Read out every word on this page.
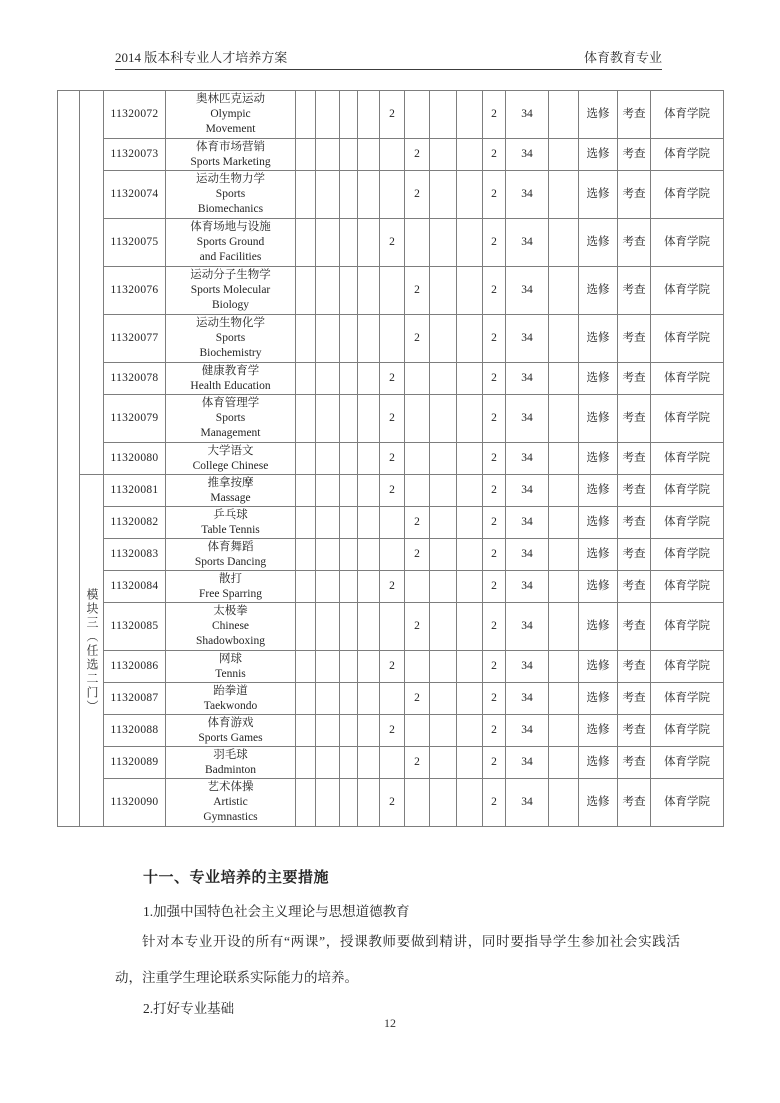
2014 版本科专业人才培养方案	体育教育专业
		11320072	奥林匹克运动
Olympic
Movement					2				2	34		选修	考查	体育学院
		11320073	体育市场营销
Sports Marketing						2			2	34		选修	考查	体育学院
		11320074	运动生物力学
Sports
Biomechanics						2			2	34		选修	考查	体育学院
		11320075	体育场地与设施
Sports Ground
and Facilities					2				2	34		选修	考查	体育学院
		11320076	运动分子生物学
Sports Molecular
Biology						2			2	34		选修	考查	体育学院
		11320077	运动生物化学
Sports
Biochemistry						2			2	34		选修	考查	体育学院
		11320078	健康教育学
Health Education					2				2	34		选修	考查	体育学院
		11320079	体育管理学
Sports
Management					2				2	34		选修	考查	体育学院
		11320080	大学语文
College Chinese					2				2	34		选修	考查	体育学院
	模块三（任选二门）	11320081	推拿按摩
Massage					2				2	34		选修	考查	体育学院
		11320082	乒乓球
Table Tennis						2			2	34		选修	考查	体育学院
		11320083	体育舞蹈
Sports Dancing						2			2	34		选修	考查	体育学院
		11320084	散打
Free Sparring					2				2	34		选修	考查	体育学院
		11320085	太极拳
Chinese
Shadowboxing						2			2	34		选修	考查	体育学院
		11320086	网球
Tennis					2				2	34		选修	考查	体育学院
		11320087	跆拳道
Taekwondo						2			2	34		选修	考查	体育学院
		11320088	体育游戏
Sports Games					2				2	34		选修	考查	体育学院
		11320089	羽毛球
Badminton						2			2	34		选修	考查	体育学院
		11320090	艺术体操
Artistic
Gymnastics					2				2	34		选修	考查	体育学院
十一、专业培养的主要措施
1.加强中国特色社会主义理论与思想道德教育
针对本专业开设的所有“两课”，授课教师要做到精讲，同时要指导学生参加社会实践活动，注重学生理论联系实际能力的培养。
2.打好专业基础
12
